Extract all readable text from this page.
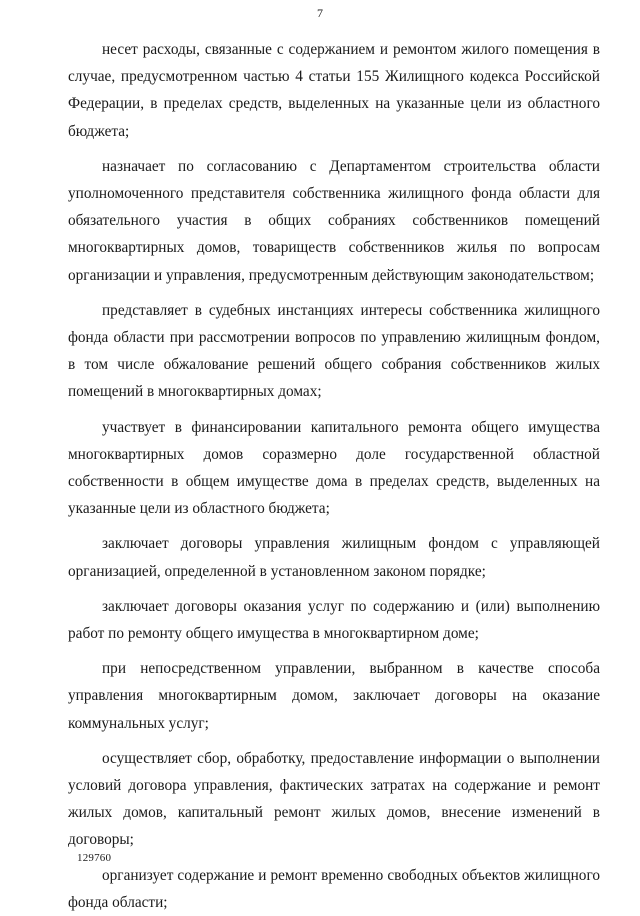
7

несет расходы, связанные с содержанием и ремонтом жилого помещения в случае, предусмотренном частью 4 статьи 155 Жилищного кодекса Российской Федерации, в пределах средств, выделенных на указанные цели из областного бюджета;

назначает по согласованию с Департаментом строительства области уполномоченного представителя собственника жилищного фонда области для обязательного участия в общих собраниях собственников помещений многоквартирных домов, товариществ собственников жилья по вопросам организации и управления, предусмотренным действующим законодательством;

представляет в судебных инстанциях интересы собственника жилищного фонда области при рассмотрении вопросов по управлению жилищным фондом, в том числе обжалование решений общего собрания собственников жилых помещений в многоквартирных домах;

участвует в финансировании капитального ремонта общего имущества многоквартирных домов соразмерно доле государственной областной собственности в общем имуществе дома в пределах средств, выделенных на указанные цели из областного бюджета;

заключает договоры управления жилищным фондом с управляющей организацией, определенной в установленном законом порядке;

заключает договоры оказания услуг по содержанию и (или) выполнению работ по ремонту общего имущества в многоквартирном доме;

при непосредственном управлении, выбранном в качестве способа управления многоквартирным домом, заключает договоры на оказание коммунальных услуг;

осуществляет сбор, обработку, предоставление информации о выполнении условий договора управления, фактических затратах на содержание и ремонт жилых домов, капитальный ремонт жилых домов, внесение изменений в договоры;

организует содержание и ремонт временно свободных объектов жилищного фонда области;

129760
